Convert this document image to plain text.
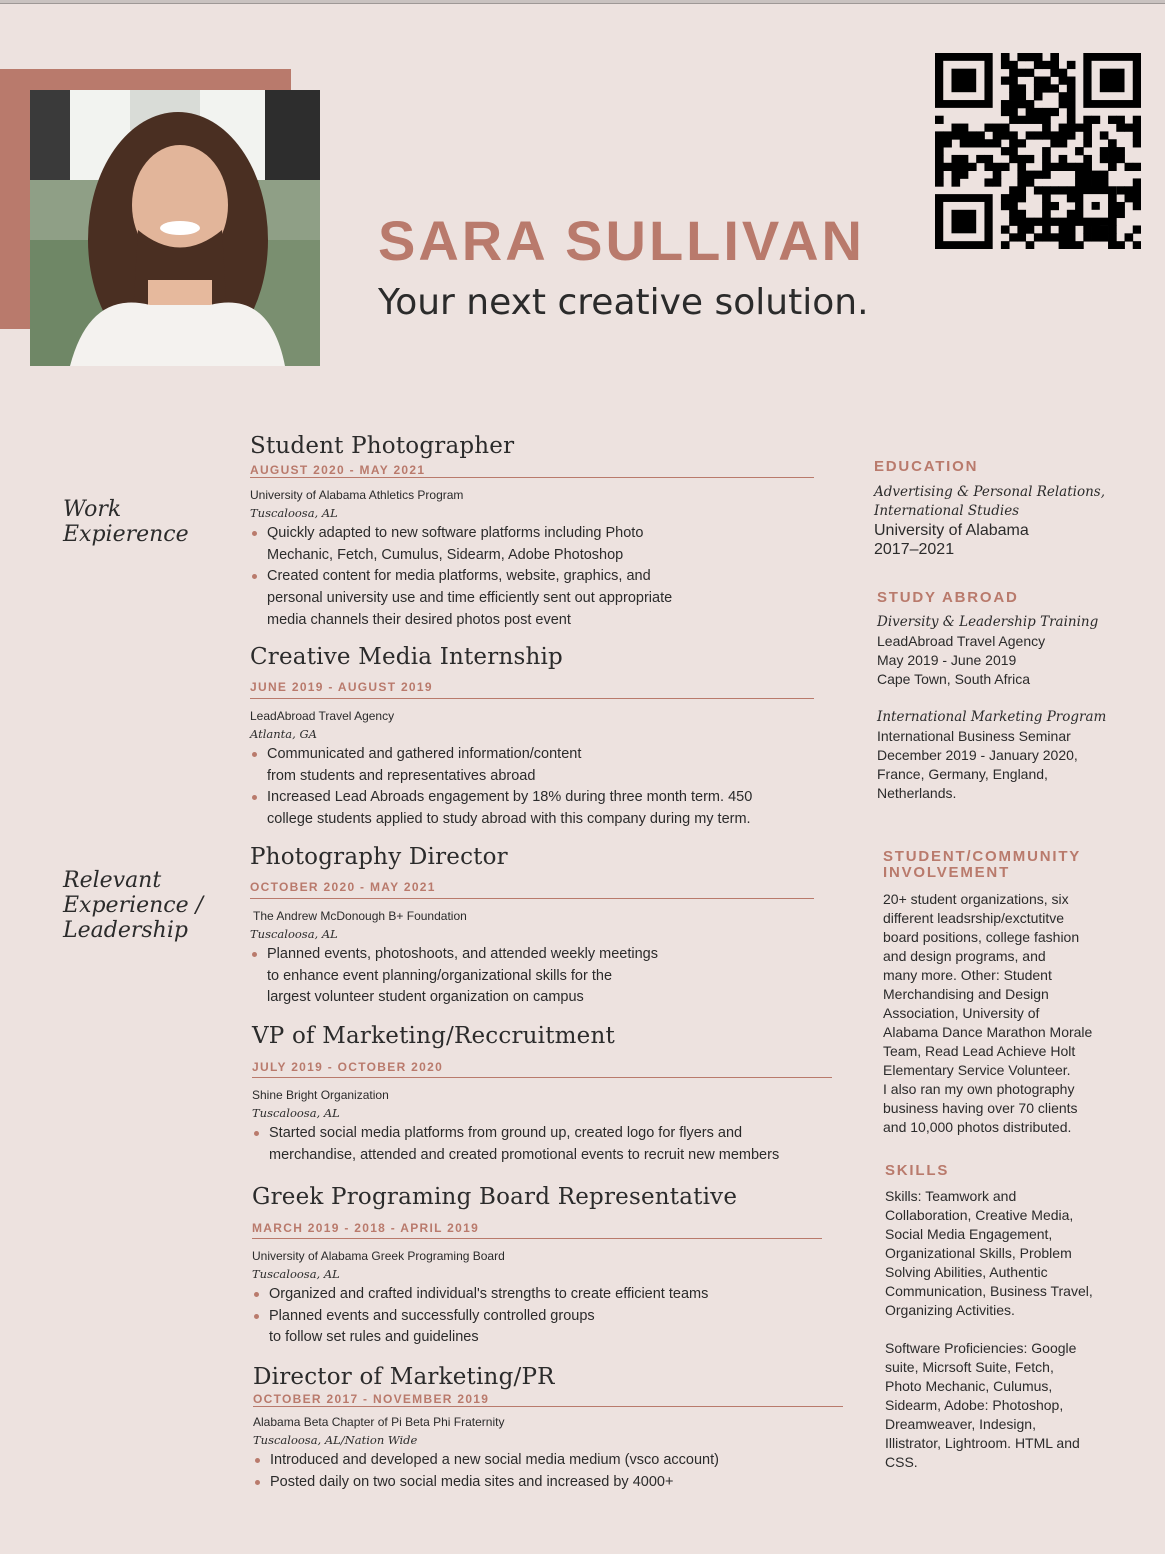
SARA SULLIVAN
Your next creative solution.
Work
Expierence
Relevant
Experience /
Leadership
Student Photographer
AUGUST 2020 - MAY 2021
University of Alabama Athletics Program
Tuscaloosa, AL
Quickly adapted to new software platforms including Photo
Mechanic, Fetch, Cumulus, Sidearm, Adobe Photoshop
Created content for media platforms, website, graphics, and
personal university use and time efficiently sent out appropriate
media channels their desired photos post event
Creative Media Internship
JUNE 2019 - AUGUST 2019
LeadAbroad Travel Agency
Atlanta, GA
Communicated and gathered information/content
from students and representatives abroad
Increased Lead Abroads engagement by 18% during three month term. 450
college students applied to study abroad with this company during my term.
Photography Director
OCTOBER 2020 - MAY 2021
The Andrew McDonough B+ Foundation
Tuscaloosa, AL
Planned events, photoshoots, and attended weekly meetings
to enhance event planning/organizational skills for the
largest volunteer student organization on campus
VP of Marketing/Reccruitment
JULY 2019 - OCTOBER 2020
Shine Bright Organization
Tuscaloosa, AL
Started social media platforms from ground up, created logo for flyers and
merchandise, attended and created promotional events to recruit new members
Greek Programing Board Representative
MARCH 2019 - 2018 - APRIL 2019
University of Alabama Greek Programing Board
Tuscaloosa, AL
Organized and crafted individual's strengths to create efficient teams
Planned events and successfully controlled groups
to follow set rules and guidelines
Director of Marketing/PR
OCTOBER 2017 - NOVEMBER 2019
Alabama Beta Chapter of Pi Beta Phi Fraternity
Tuscaloosa, AL/Nation Wide
Introduced and developed a new social media medium (vsco account)
Posted daily on two social media sites and increased by 4000+
EDUCATION
Advertising & Personal Relations,
International Studies
University of Alabama
2017–2021
STUDY ABROAD
Diversity & Leadership Training
LeadAbroad Travel Agency
May 2019 - June 2019
Cape Town, South Africa
International Marketing Program
International Business Seminar
December 2019 - January 2020,
France, Germany, England,
Netherlands.
STUDENT/COMMUNITY
INVOLVEMENT
20+ student organizations, six
different leadsrship/exctutitve
board positions, college fashion
and design programs, and
many more. Other: Student
Merchandising and Design
Association, University of
Alabama Dance Marathon Morale
Team, Read Lead Achieve Holt
Elementary Service Volunteer.
I also ran my own photography
business having over 70 clients
and 10,000 photos distributed.
SKILLS
Skills: Teamwork and
Collaboration, Creative Media,
Social Media Engagement,
Organizational Skills, Problem
Solving Abilities, Authentic
Communication, Business Travel,
Organizing Activities.
Software Proficiencies: Google
suite, Micrsoft Suite, Fetch,
Photo Mechanic, Culumus,
Sidearm, Adobe: Photoshop,
Dreamweaver, Indesign,
Illistrator, Lightroom. HTML and
CSS.
